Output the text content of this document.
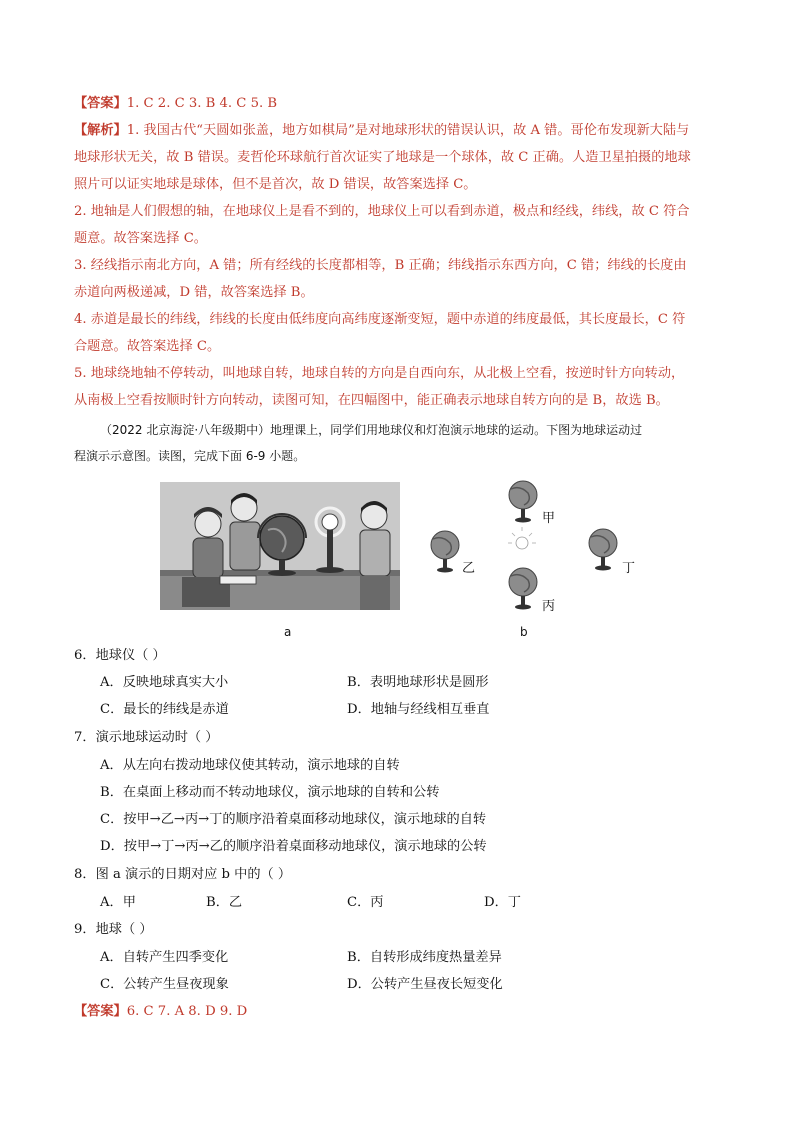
【答案】1. C 2. C 3. B 4. C 5. B
【解析】1. 我国古代“天圆如张盖，地方如棋局”是对地球形状的错误认识，故 A 错。哥伦布发现新大陆与
地球形状无关，故 B 错误。麦哲伦环球航行首次证实了地球是一个球体，故 C 正确。人造卫星拍摄的地球
照片可以证实地球是球体，但不是首次，故 D 错误，故答案选择 C。
2. 地轴是人们假想的轴，在地球仪上是看不到的，地球仪上可以看到赤道，极点和经线，纬线，故 C 符合
题意。故答案选择 C。
3. 经线指示南北方向，A 错；所有经线的长度都相等，B 正确；纬线指示东西方向，C 错；纬线的长度由
赤道向两极递减，D 错，故答案选择 B。
4. 赤道是最长的纬线，纬线的长度由低纬度向高纬度逐渐变短，题中赤道的纬度最低，其长度最长，C 符
合题意。故答案选择 C。
5. 地球绕地轴不停转动，叫地球自转，地球自转的方向是自西向东，从北极上空看，按逆时针方向转动，
从南极上空看按顺时针方向转动，读图可知，在四幅图中，能正确表示地球自转方向的是 B，故选 B。
（2022 北京海淀·八年级期中）地理课上，同学们用地球仪和灯泡演示地球的运动。下图为地球运动过
程演示示意图。读图，完成下面 6-9 小题。
甲
乙
丙
丁
a	b
6．地球仪（ ）
A．反映地球真实大小	B．表明地球形状是圆形
C．最长的纬线是赤道	D．地轴与经线相互垂直
7．演示地球运动时（ ）
A．从左向右拨动地球仪使其转动，演示地球的自转
B．在桌面上移动而不转动地球仪，演示地球的自转和公转
C．按甲→乙→丙→丁的顺序沿着桌面移动地球仪，演示地球的自转
D．按甲→丁→丙→乙的顺序沿着桌面移动地球仪，演示地球的公转
8．图 a 演示的日期对应 b 中的（ ）
A．甲	B．乙	C．丙	D．丁
9．地球（ ）
A．自转产生四季变化	B．自转形成纬度热量差异
C．公转产生昼夜现象	D．公转产生昼夜长短变化
【答案】6. C 7. A 8. D 9. D
